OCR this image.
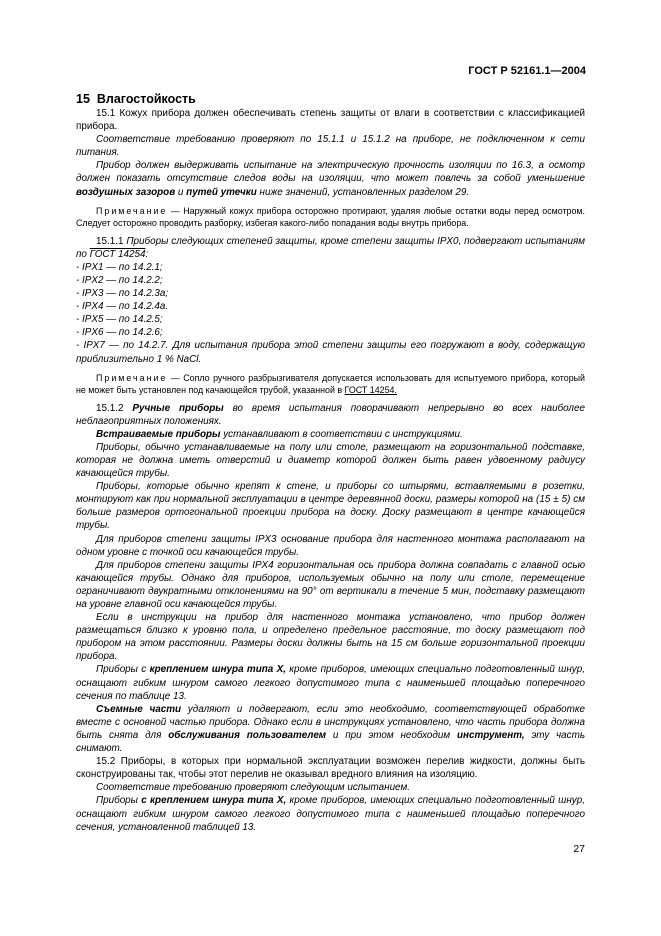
ГОСТ Р 52161.1—2004

15 Влагостойкость

15.1 Кожух прибора должен обеспечивать степень защиты от влаги в соответствии с классификацией прибора.

Соответствие требованию проверяют по 15.1.1 и 15.1.2 на приборе, не подключенном к сети питания.

Прибор должен выдерживать испытание на электрическую прочность изоляции по 16.3, а осмотр должен показать отсутствие следов воды на изоляции, что может повлечь за собой уменьшение воздушных зазоров и путей утечки ниже значений, установленных разделом 29.

Примечание — Наружный кожух прибора осторожно протирают, удаляя любые остатки воды перед осмотром. Следует осторожно проводить разборку, избегая какого-либо попадания воды внутрь прибора.

15.1.1 Приборы следующих степеней защиты, кроме степени защиты IPX0, подвергают испытаниям по ГОСТ 14254:

- IPX1 — по 14.2.1;

- IPX2 — по 14.2.2;

- IPX3 — по 14.2.3а;

- IPX4 — по 14.2.4а.

- IPX5 — по 14.2.5;

- IPX6 — по 14.2.6;

- IPX7 — по 14.2.7. Для испытания прибора этой степени защиты его погружают в воду, содержащую приблизительно 1 % NaCl.

Примечание — Сопло ручного разбрызгивателя допускается использовать для испытуемого прибора, который не может быть установлен под качающейся трубой, указанной в ГОСТ 14254.

15.1.2 Ручные приборы во время испытания поворачивают непрерывно во всех наиболее неблагоприятных положениях.

Встраиваемые приборы устанавливают в соответствии с инструкциями.

Приборы, обычно устанавливаемые на полу или столе, размещают на горизонтальной подставке, которая не должна иметь отверстий и диаметр которой должен быть равен удвоенному радиусу качающейся трубы.

Приборы, которые обычно крепят к стене, и приборы со штырями, вставляемыми в розетки, монтируют как при нормальной эксплуатации в центре деревянной доски, размеры которой на (15 ± 5) см больше размеров ортогональной проекции прибора на доску. Доску размещают в центре качающейся трубы.

Для приборов степени защиты IPX3 основание прибора для настенного монтажа располагают на одном уровне с точкой оси качающейся трубы.

Для приборов степени защиты IPX4 горизонтальная ось прибора должна совпадать с главной осью качающейся трубы. Однако для приборов, используемых обычно на полу или столе, перемещение ограничивают двукратными отклонениями на 90° от вертикали в течение 5 мин, подставку размещают на уровне главной оси качающейся трубы.

Если в инструкции на прибор для настенного монтажа установлено, что прибор должен размещаться близко к уровню пола, и определено предельное расстояние, то доску размещают под прибором на этом расстоянии. Размеры доски должны быть на 15 см больше горизонтальной проекции прибора.

Приборы с креплением шнура типа X, кроме приборов, имеющих специально подготовленный шнур, оснащают гибким шнуром самого легкого допустимого типа с наименьшей площадью поперечного сечения по таблице 13.

Съемные части удаляют и подвергают, если это необходимо, соответствующей обработке вместе с основной частью прибора. Однако если в инструкциях установлено, что часть прибора должна быть снята для обслуживания пользователем и при этом необходим инструмент, эту часть снимают.

15.2 Приборы, в которых при нормальной эксплуатации возможен перелив жидкости, должны быть сконструированы так, чтобы этот перелив не оказывал вредного влияния на изоляцию.

Соответствие требованию проверяют следующим испытанием.

Приборы с креплением шнура типа X, кроме приборов, имеющих специально подготовленный шнур, оснащают гибким шнуром самого легкого допустимого типа с наименьшей площадью поперечного сечения, установленной таблицей 13.

27
